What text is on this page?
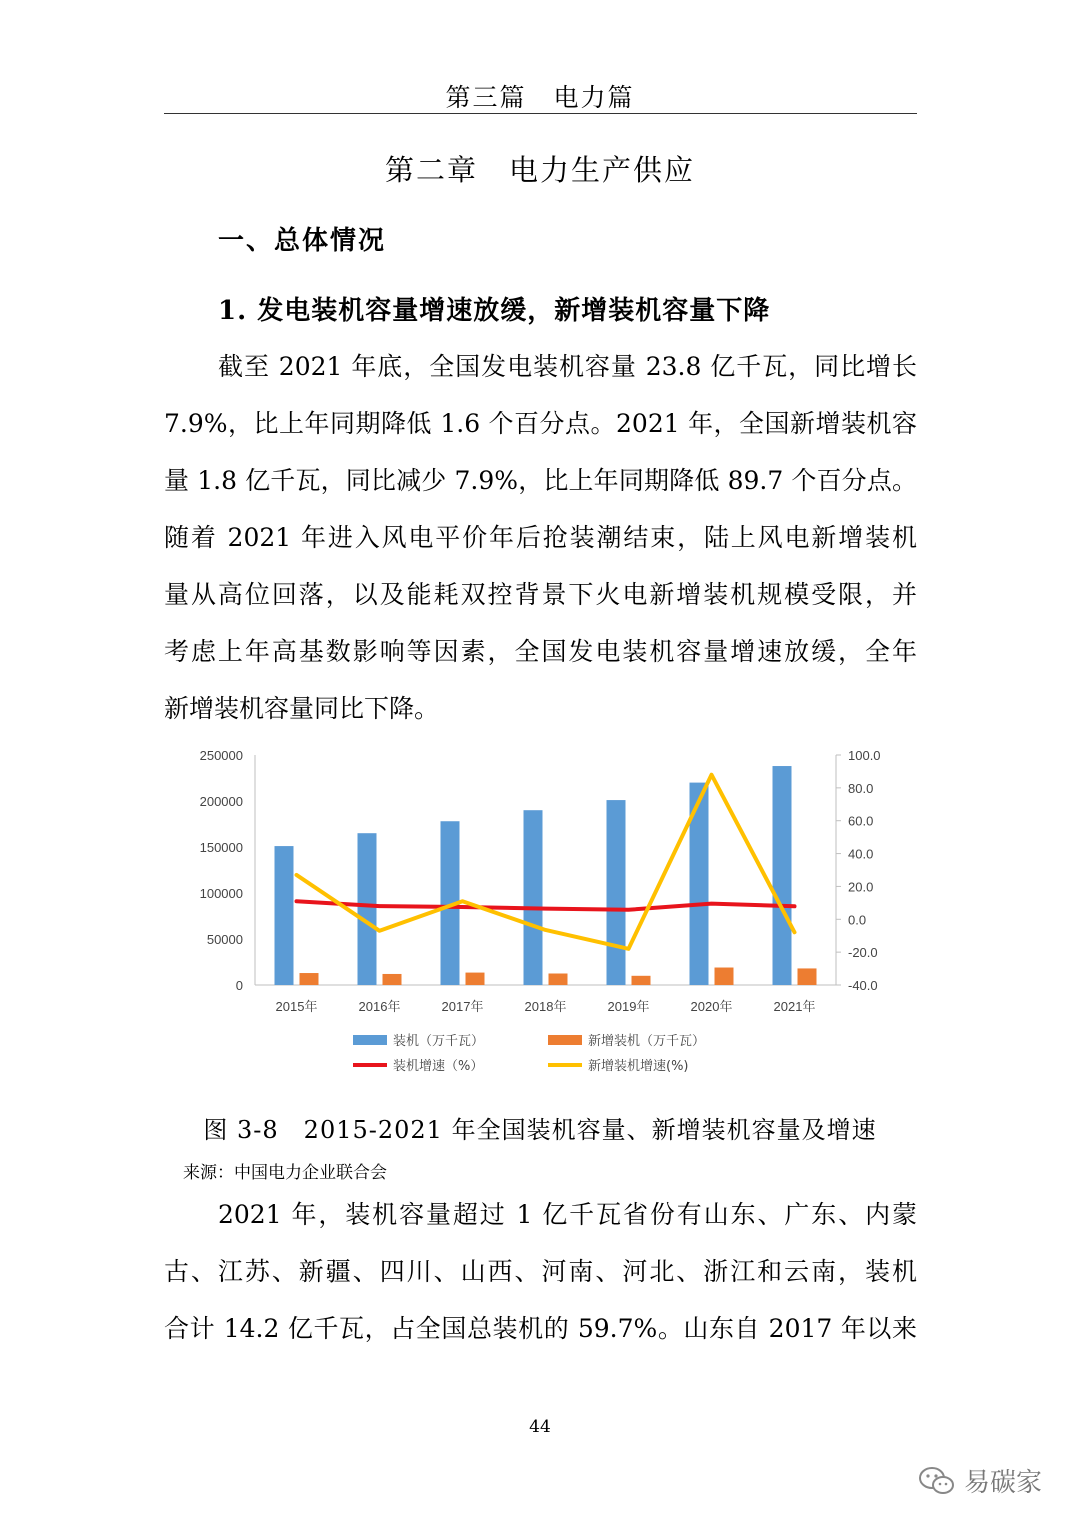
第三篇　电力篇
第二章　电力生产供应
一、总体情况
1. 发电装机容量增速放缓，新增装机容量下降
截至 2021 年底，全国发电装机容量 23.8 亿千瓦，同比增长
7.9%，比上年同期降低 1.6 个百分点。2021 年，全国新增装机容
量 1.8 亿千瓦，同比减少 7.9%，比上年同期降低 89.7 个百分点。
随着 2021 年进入风电平价年后抢装潮结束，陆上风电新增装机
量从高位回落，以及能耗双控背景下火电新增装机规模受限，并
考虑上年高基数影响等因素，全国发电装机容量增速放缓，全年
新增装机容量同比下降。
0
50000
100000
150000
200000
250000
-40.0
-20.0
0.0
20.0
40.0
60.0
80.0
100.0
2015年	2016年	2017年	2018年	2019年	2020年	2021年
装机（万千瓦）	新增装机（万千瓦）
装机增速（%）	新增装机增速(%)
图 3-8　2015-2021 年全国装机容量、新增装机容量及增速
来源：中国电力企业联合会
2021 年，装机容量超过 1 亿千瓦省份有山东、广东、内蒙
古、江苏、新疆、四川、山西、河南、河北、浙江和云南，装机
合计 14.2 亿千瓦，占全国总装机的 59.7%。山东自 2017 年以来
44
易碳家
